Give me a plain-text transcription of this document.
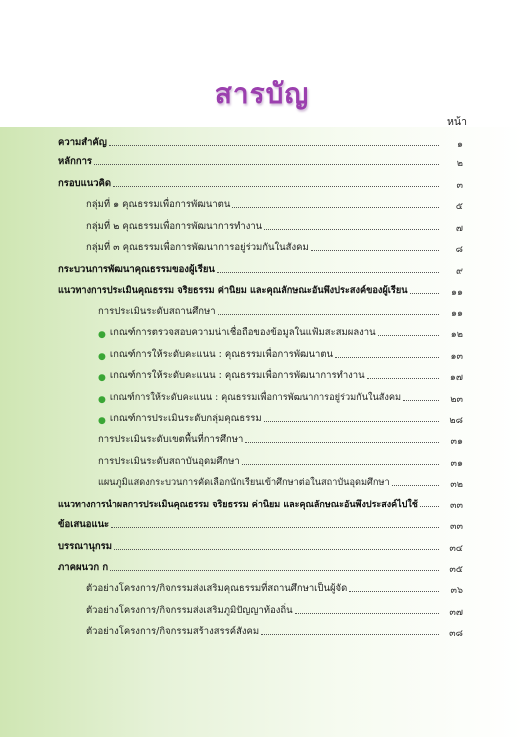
สารบัญ
หน้า
ความสำคัญ	๑
หลักการ	๒
กรอบแนวคิด	๓
กลุ่มที่ ๑ คุณธรรมเพื่อการพัฒนาตน	๕
กลุ่มที่ ๒ คุณธรรมเพื่อการพัฒนาการทำงาน	๗
กลุ่มที่ ๓ คุณธรรมเพื่อการพัฒนาการอยู่ร่วมกันในสังคม	๘
กระบวนการพัฒนาคุณธรรมของผู้เรียน	๙
แนวทางการประเมินคุณธรรม จริยธรรม ค่านิยม และคุณลักษณะอันพึงประสงค์ของผู้เรียน	๑๑
การประเมินระดับสถานศึกษา	๑๑
● เกณฑ์การตรวจสอบความน่าเชื่อถือของข้อมูลในแฟ้มสะสมผลงาน	๑๒
● เกณฑ์การให้ระดับคะแนน : คุณธรรมเพื่อการพัฒนาตน	๑๓
● เกณฑ์การให้ระดับคะแนน : คุณธรรมเพื่อการพัฒนาการทำงาน	๑๗
● เกณฑ์การให้ระดับคะแนน : คุณธรรมเพื่อการพัฒนาการอยู่ร่วมกันในสังคม	๒๓
● เกณฑ์การประเมินระดับกลุ่มคุณธรรม	๒๘
การประเมินระดับเขตพื้นที่การศึกษา	๓๑
การประเมินระดับสถาบันอุดมศึกษา	๓๑
แผนภูมิแสดงกระบวนการคัดเลือกนักเรียนเข้าศึกษาต่อในสถาบันอุดมศึกษา	๓๒
แนวทางการนำผลการประเมินคุณธรรม จริยธรรม ค่านิยม และคุณลักษณะอันพึงประสงค์ไปใช้	๓๓
ข้อเสนอแนะ	๓๓
บรรณานุกรม	๓๔
ภาคผนวก ก	๓๕
ตัวอย่างโครงการ/กิจกรรมส่งเสริมคุณธรรมที่สถานศึกษาเป็นผู้จัด	๓๖
ตัวอย่างโครงการ/กิจกรรมส่งเสริมภูมิปัญญาท้องถิ่น	๓๗
ตัวอย่างโครงการ/กิจกรรมสร้างสรรค์สังคม	๓๘
